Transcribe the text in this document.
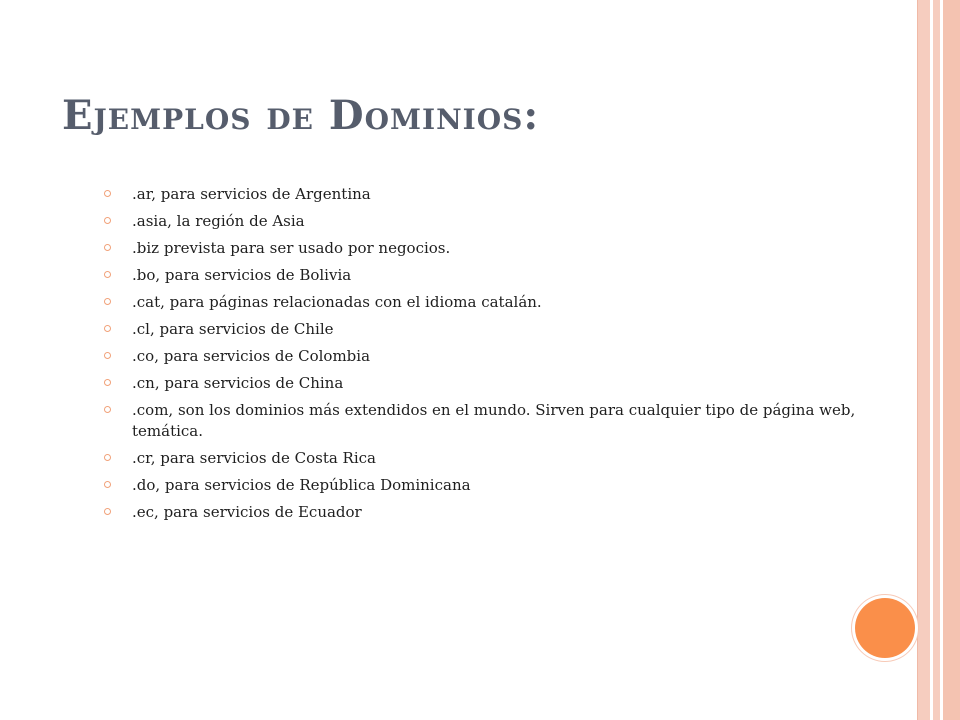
Ejemplos de Dominios:
.ar, para servicios de Argentina
.asia, la región de Asia
.biz prevista para ser usado por negocios.
.bo, para servicios de Bolivia
.cat, para páginas relacionadas con el idioma catalán.
.cl, para servicios de Chile
.co, para servicios de Colombia
.cn, para servicios de China
.com, son los dominios más extendidos en el mundo. Sirven para cualquier tipo de página web, temática.
.cr, para servicios de Costa Rica
.do, para servicios de República Dominicana
.ec, para servicios de Ecuador
